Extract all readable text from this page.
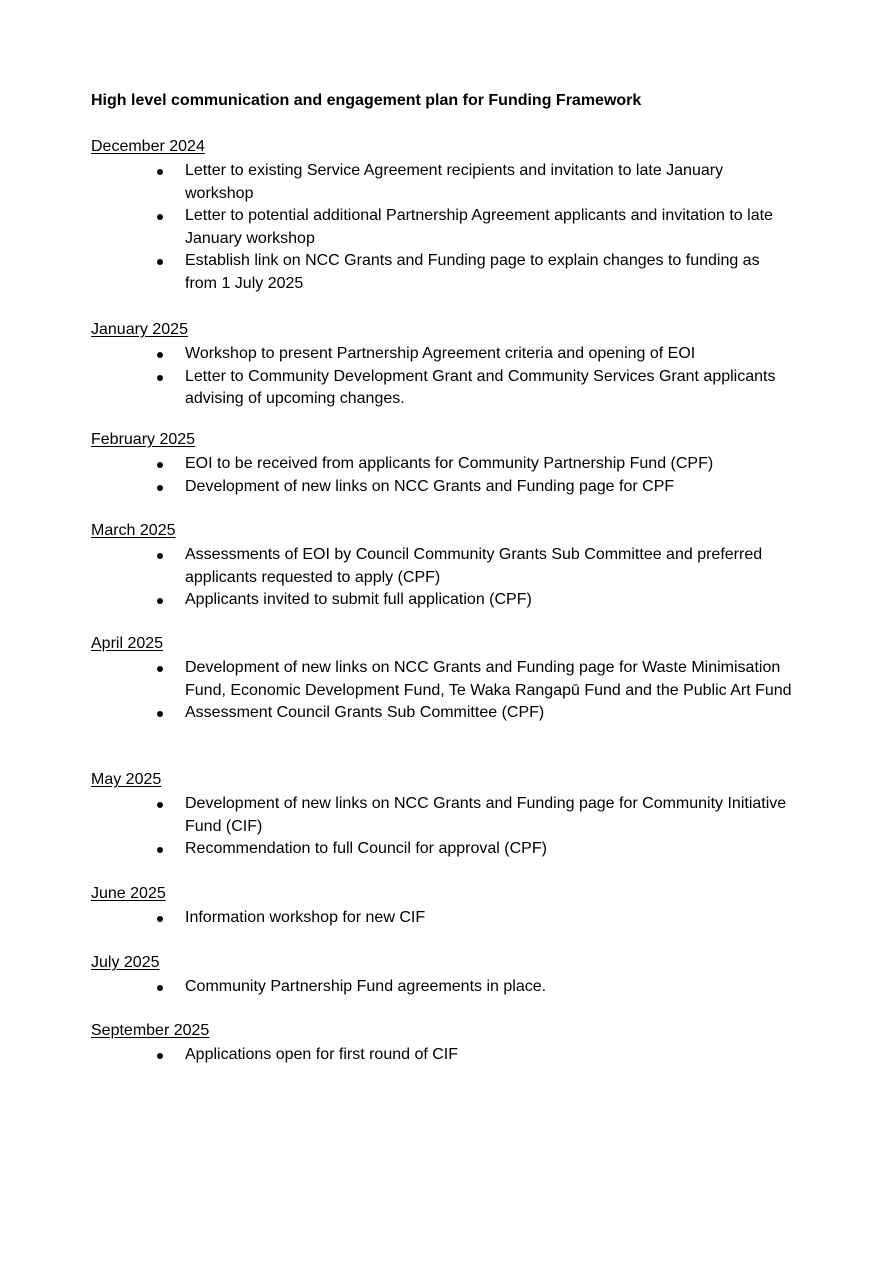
High level communication and engagement plan for Funding Framework
December 2024
Letter to existing Service Agreement recipients and invitation to late January workshop
Letter to potential additional Partnership Agreement applicants and invitation to late January workshop
Establish link on NCC Grants and Funding page to explain changes to funding as from 1 July 2025
January 2025
Workshop to present Partnership Agreement criteria and opening of EOI
Letter to Community Development Grant and Community Services Grant applicants advising of upcoming changes.
February 2025
EOI to be received from applicants for Community Partnership Fund (CPF)
Development of new links on NCC Grants and Funding page for CPF
March 2025
Assessments of EOI by Council Community Grants Sub Committee and preferred applicants requested to apply (CPF)
Applicants invited to submit full application (CPF)
April 2025
Development of new links on NCC Grants and Funding page for Waste Minimisation Fund, Economic Development Fund, Te Waka Rangapū Fund and the Public Art Fund
Assessment Council Grants Sub Committee (CPF)
May 2025
Development of new links on NCC Grants and Funding page for Community Initiative Fund (CIF)
Recommendation to full Council for approval (CPF)
June 2025
Information workshop for new CIF
July 2025
Community Partnership Fund agreements in place.
September 2025
Applications open for first round of CIF
